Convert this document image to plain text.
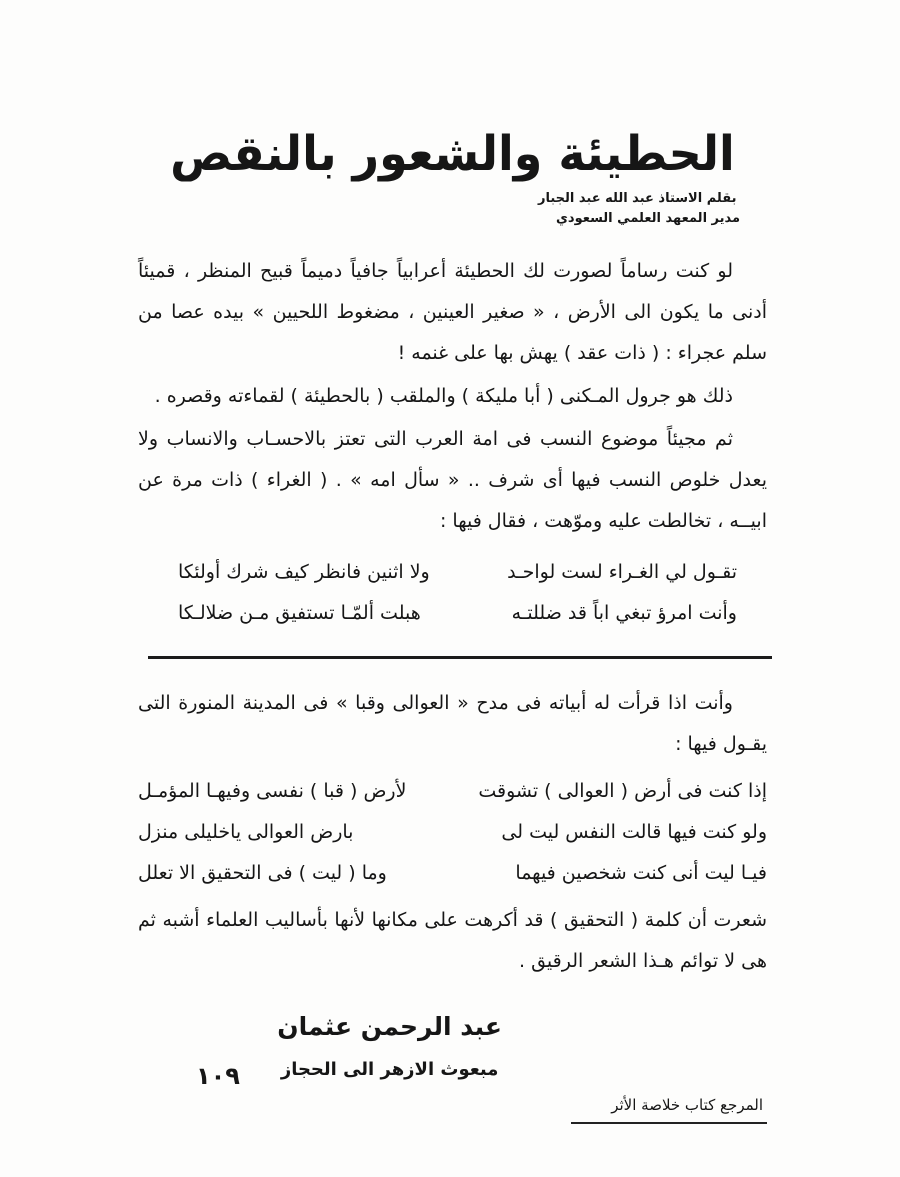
الحطيئة والشعور بالنقص
بقلم الاستاذ عبد الله عبد الجبار
مدير المعهد العلمي السعودي

لو كنت رساماً لصورت لك الحطيئة أعرابياً جافياً دميماً قبيح المنظر ، قميئاً أدنى ما يكون الى الأرض ، « صغير العينين ، مضغوط اللحيين » بيده عصا من سلم عجراء : ( ذات عقد ) يهش بها على غنمه !

ذلك هو جرول المـكنى ( أبا مليكة ) والملقب ( بالحطيئة ) لقماءته وقصره .

ثم مجيئاً موضوع النسب فى امة العرب التى تعتز بالاحسـاب والانساب ولا يعدل خلوص النسب فيها أى شرف .. « سأل امه » . ( الغراء ) ذات مرة عن ابيــه ، تخالطت عليه وموّهت ، فقال فيها :

تقـول لي الغـراء لست لواحـد
ولا اثنين فانظر كيف شرك أولئكا
وأنت امرؤ تبغي اباً قد ضللتـه
هبلت ألمّـا تستفيق مـن ضلالـكا

وأنت اذا قرأت له أبياته فى مدح « العوالى وقبا » فى المدينة المنورة التى يقـول فيها :

إذا كنت فى أرض ( العوالى ) تشوقت
لأرض ( قبا ) نفسى وفيهـا المؤمـل
ولو كنت فيها قالت النفس ليت لى
بارض العوالى ياخليلى منزل
فيـا ليت أنى كنت شخصين فيهما
وما ( ليت ) فى التحقيق الا تعلل

شعرت أن كلمة ( التحقيق ) قد أكرهت على مكانها لأنها بأساليب العلماء أشبه ثم هى لا توائم هـذا الشعر الرقيق .

عبد الرحمن عثمان
مبعوث الازهر الى الحجاز
المرجع كتاب خلاصة الأثر
١٠٩
